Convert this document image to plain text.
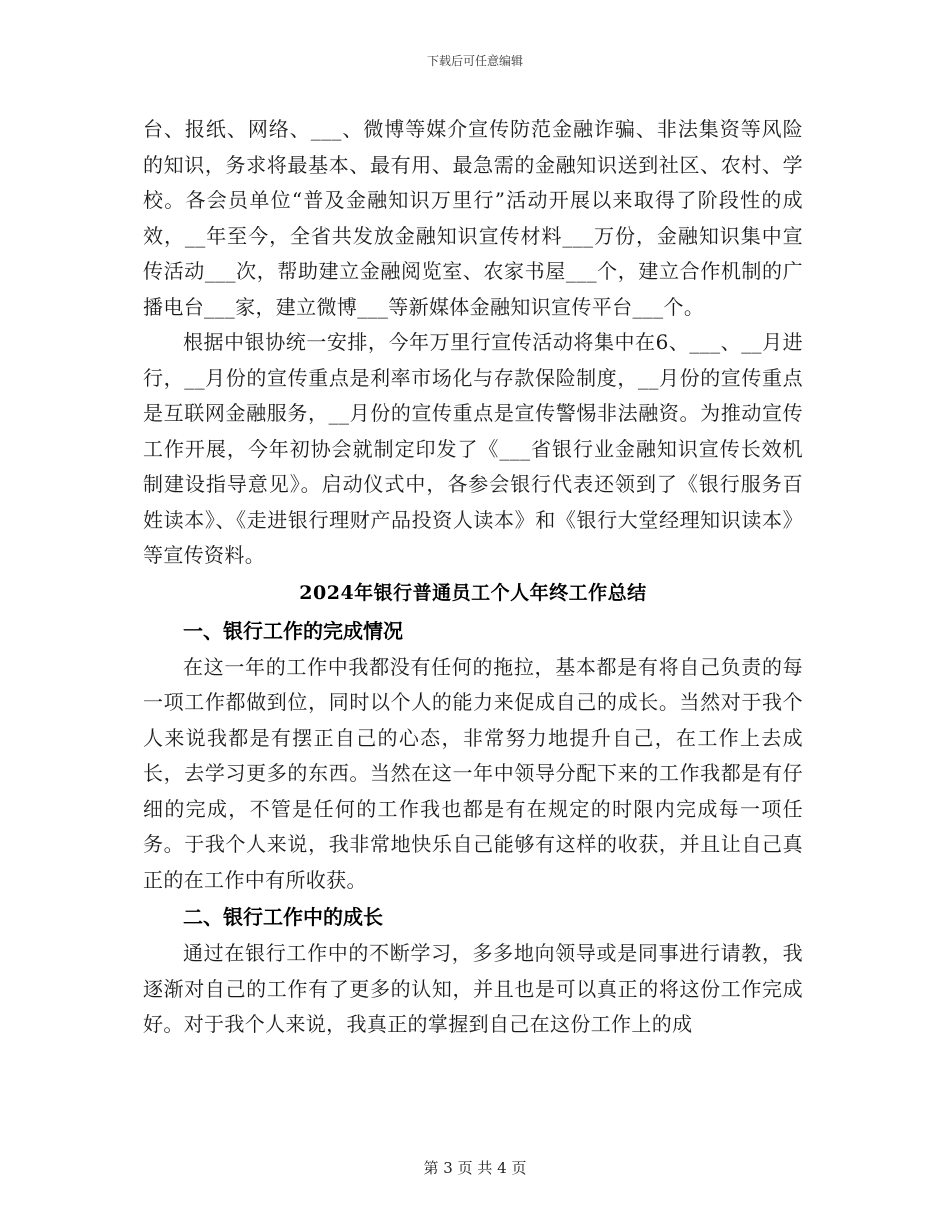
下载后可任意编辑

台、报纸、网络、___、微博等媒介宣传防范金融诈骗、非法集资等风险的知识，务求将最基本、最有用、最急需的金融知识送到社区、农村、学校。各会员单位“普及金融知识万里行”活动开展以来取得了阶段性的成效，__年至今，全省共发放金融知识宣传材料___万份，金融知识集中宣传活动___次，帮助建立金融阅览室、农家书屋___个，建立合作机制的广播电台___家，建立微博___等新媒体金融知识宣传平台___个。

根据中银协统一安排，今年万里行宣传活动将集中在6、___、__月进行，__月份的宣传重点是利率市场化与存款保险制度，__月份的宣传重点是互联网金融服务，__月份的宣传重点是宣传警惕非法融资。为推动宣传工作开展，今年初协会就制定印发了《___省银行业金融知识宣传长效机制建设指导意见》。启动仪式中，各参会银行代表还领到了《银行服务百姓读本》、《走进银行理财产品投资人读本》和《银行大堂经理知识读本》等宣传资料。

2024年银行普通员工个人年终工作总结
一、银行工作的完成情况

在这一年的工作中我都没有任何的拖拉，基本都是有将自己负责的每一项工作都做到位，同时以个人的能力来促成自己的成长。当然对于我个人来说我都是有摆正自己的心态，非常努力地提升自己，在工作上去成长，去学习更多的东西。当然在这一年中领导分配下来的工作我都是有仔细的完成，不管是任何的工作我也都是有在规定的时限内完成每一项任务。于我个人来说，我非常地快乐自己能够有这样的收获，并且让自己真正的在工作中有所收获。

二、银行工作中的成长

通过在银行工作中的不断学习，多多地向领导或是同事进行请教，我逐渐对自己的工作有了更多的认知，并且也是可以真正的将这份工作完成好。对于我个人来说，我真正的掌握到自己在这份工作上的成

第 3 页 共 4 页
